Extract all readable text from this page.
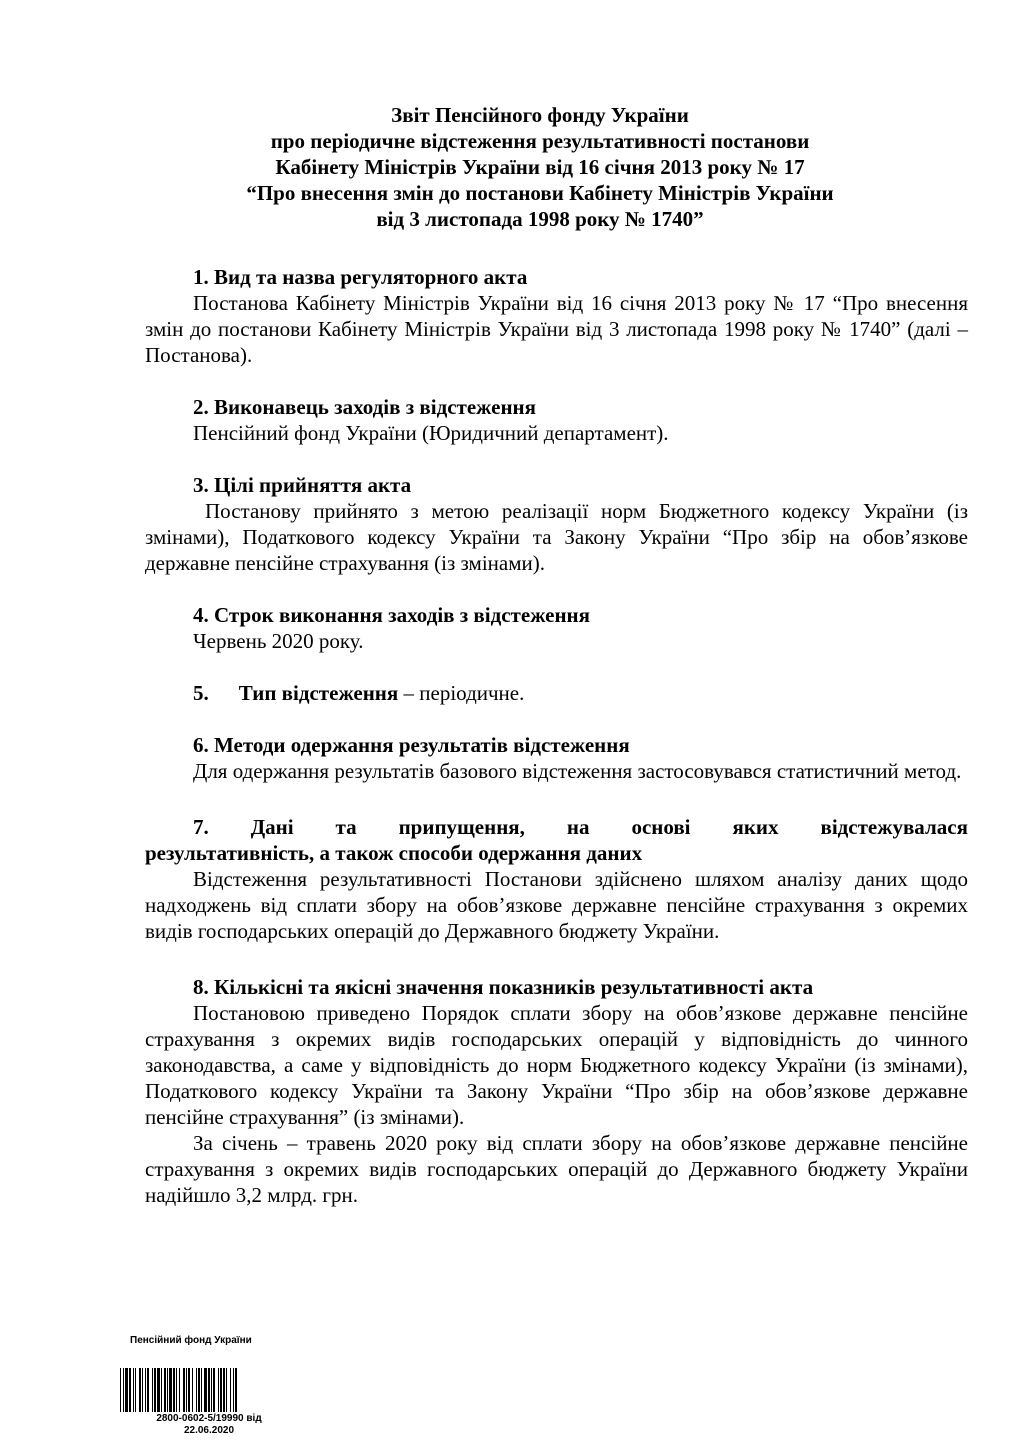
Звіт Пенсійного фонду України
про періодичне відстеження результативності постанови
Кабінету Міністрів України від 16 січня 2013 року № 17
“Про внесення змін до постанови Кабінету Міністрів України
від 3 листопада 1998 року № 1740”
1. Вид та назва регуляторного акта

Постанова Кабінету Міністрів України від 16 січня 2013 року № 17 “Про внесення змін до постанови Кабінету Міністрів України від 3 листопада 1998 року № 1740” (далі – Постанова).

2. Виконавець заходів з відстеження

Пенсійний фонд України (Юридичний департамент).

3. Цілі прийняття акта

Постанову прийнято з метою реалізації норм Бюджетного кодексу України (із змінами), Податкового кодексу України та Закону України “Про збір на обов’язкове державне пенсійне страхування (із змінами).

4. Строк виконання заходів з відстеження

Червень 2020 року.

5. Тип відстеження – періодичне.
6. Методи одержання результатів відстеження

Для одержання результатів базового відстеження застосовувався статистичний метод.

7. Дані та припущення, на основі яких відстежувалася
результативність, а також способи одержання даних

Відстеження результативності Постанови здійснено шляхом аналізу даних щодо надходжень від сплати збору на обов’язкове державне пенсійне страхування з окремих видів господарських операцій до Державного бюджету України.

8. Кількісні та якісні значення показників результативності акта

Постановою приведено Порядок сплати збору на обов’язкове державне пенсійне страхування з окремих видів господарських операцій у відповідність до чинного законодавства, а саме у відповідність до норм Бюджетного кодексу України (із змінами), Податкового кодексу України та Закону України “Про збір на обов’язкове державне пенсійне страхування” (із змінами).

За січень – травень 2020 року від сплати збору на обов’язкове державне пенсійне страхування з окремих видів господарських операцій до Державного бюджету України надійшло 3,2 млрд. грн.

Пенсійний фонд України
2800-0602-5/19990 від
22.06.2020
